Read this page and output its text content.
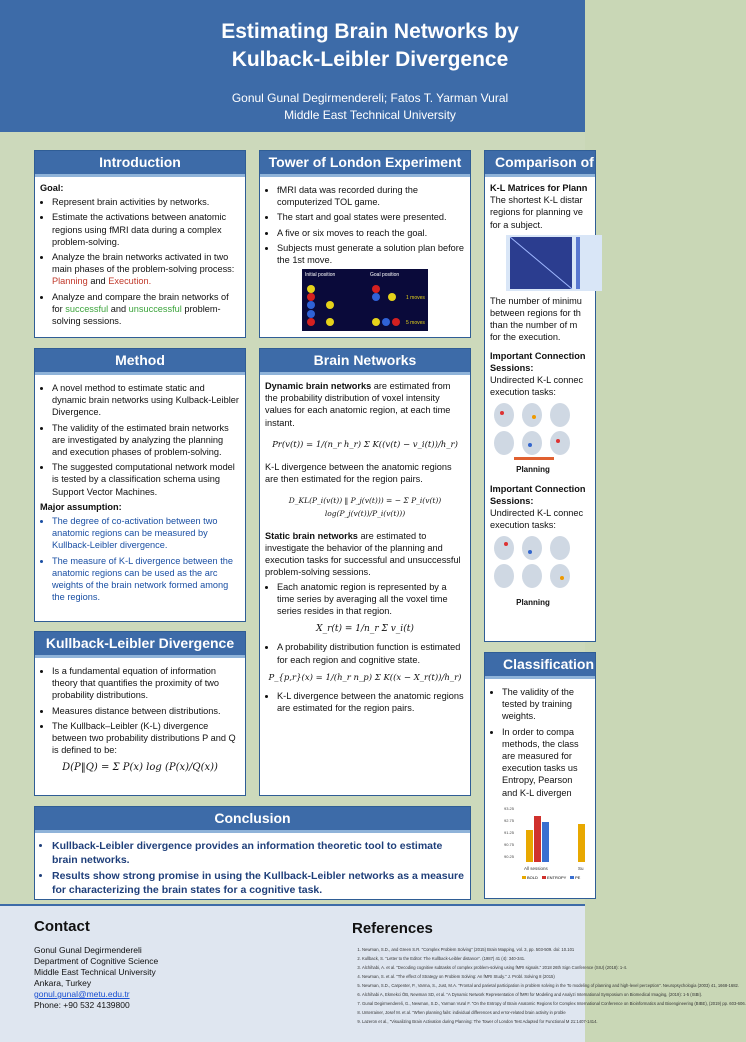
Estimating Brain Networks by
Kulback-Leibler Divergence
Gonul Gunal Degirmendereli; Fatos T. Yarman Vural
Middle East Technical University
Introduction
Goal:
• Represent brain activities by networks.
• Estimate the activations between anatomic regions using fMRI data during a complex problem-solving.
• Analyze the brain networks activated in two main phases of the problem-solving process: Planning and Execution.
• Analyze and compare the brain networks of for successful and unsuccessful problem-solving sessions.
Tower of London Experiment
• fMRI data was recorded during the computerized TOL game.
• The start and goal states were presented.
• A five or six moves to reach the goal.
• Subjects must generate a solution plan before the 1st move.
Initial position	Goal position
1 moves
5 moves
Comparison of
K-L Matrices for Plann
The shortest K-L distar regions for planning ve for a subject.
The number of minimu between regions for th than the number of m for the execution.
Important Connection Sessions:
Undirected K-L connec execution tasks:
Planning
Important Connection Sessions:
Undirected K-L connec execution tasks:
Planning
Method
• A novel method to estimate static and dynamic brain networks using Kulback-Leibler Divergence.
• The validity of the estimated brain networks are investigated by analyzing the planning and execution phases of problem-solving.
• The suggested computational network model is tested by a classification schema using Support Vector Machines.
Major assumption:
• The degree of co-activation between two anatomic regions can be measured by Kullback-Leibler divergence.
• The measure of K-L divergence between the anatomic regions can be used as the arc weights of the brain network formed among the regions.
Brain Networks
Dynamic brain networks are estimated from the probability distribution of voxel intensity values for each anatomic region, at each time instant.
Pr(v(t)) = 1/(n_r h_r) Σ K((v(t) − v_i(t))/h_r)
K-L divergence between the anatomic regions are then estimated for the region pairs.
D_KL(P_i(v(t)) ‖ P_j(v(t))) = − Σ P_i(v(t)) log(P_j(v(t))/P_i(v(t)))
Static brain networks are estimated to investigate the behavior of the planning and execution tasks for successful and unsuccessful problem-solving sessions.
• Each anatomic region is represented by a time series by averaging all the voxel time series resides in that region.
X_r(t) = 1/n_r Σ v_i(t)
• A probability distribution function is estimated for each region and cognitive state.
P_{p,r}(x) = 1/(h_r n_p) Σ K((x − X_r(t))/h_r)
• K-L divergence between the anatomic regions are estimated for the region pairs.
Kullback-Leibler Divergence
• Is a fundamental equation of information theory that quantifies the proximity of two probability distributions.
• Measures distance between distributions.
• The Kullback–Leibler (K-L) divergence between two probability distributions P and Q is defined to be:
D(P‖Q) = Σ P(x) log (P(x)/Q(x))
Classification
• The validity of the tested by training weights.
• In order to compa methods, the class are measured for execution tasks us Entropy, Pearson and K-L divergen
93.25
92.75
91.25
90.75
90.25
All sessions	Su
BOLD ENTROPY PE
Conclusion
• Kullback-Leibler divergence provides an information theoretic tool to estimate brain networks.
• Results show strong promise in using the Kullback-Leibler networks as a measure for characterizing the brain states for a cognitive task.
Contact
Gonul Gunal Degirmendereli
Department of Cognitive Science
Middle East Technical University
Ankara, Turkey
gonul.gunal@metu.edu.tr
Phone: +90 532 4139800
References
1. Newman, S.D., and Green S.R. "Complex Problem Solving" (2015) Brain Mapping, vol. 3, pp. 503-509. doi: 10.101
2. Kullback, S. "Letter to the Editor: The Kullback-Leibler distance". (1987) 41 (4): 340-341.
3. Alchihabi, A. et al. "Decoding cognitive subtasks of complex problem-solving using fMRI signals." 2018 26th Sign Conference (SIU) (2018): 1-4.
4. Newman, S. et al. "The effect of Strategy on Problem Solving: An fMRI Study." J. Probl. Solving 8 (2015)
5. Newman, S.D., Carpenter, P., Varma, S., Just, M.A. "Frontal and parietal participation in problem solving in the To modeling of planning and high-level perception". Neuropsychologia (2003) 41, 1668-1682.
6. Alchihabi A, Ekmekci ÖB, Newman SD, et al. "A Dynamic Network Representation of fMRI for Modeling and Analyzi International Symposium on Biomedical Imaging, (2019): 1-5 (ISBI).
7. Gunal Degirmendereli, G., Newman, S.D., Yarman Vural F. "On the Entropy of Brain Anatomic Regions for Complex International Conference on Bioinformatics and Bioengineering (BIBE), (2019) pp. 603-606.
8. Unterrainer, Josef M. et al. "When planning fails: individual differences and error-related brain activity in proble
9. Lazeron et al., "Visualizing Brain Activation during Planning: The Tower of London Test Adapted for Functional M 21:1407-1414.
